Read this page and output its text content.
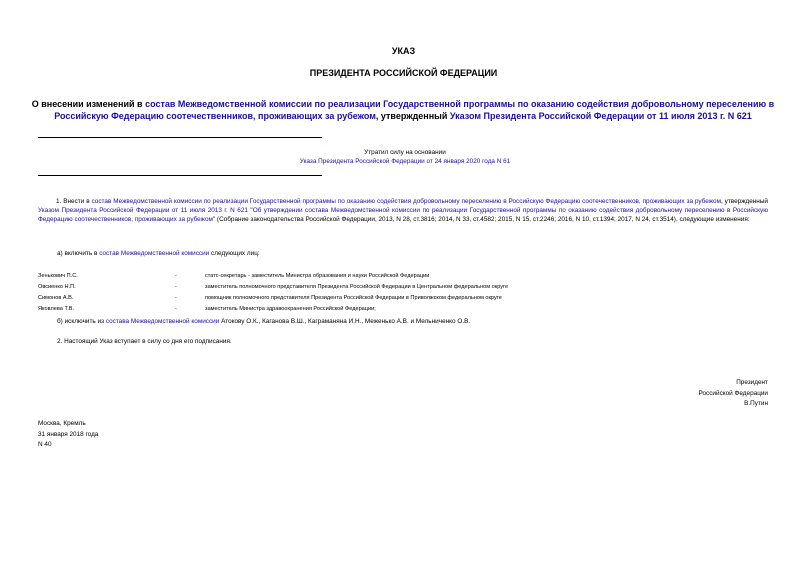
УКАЗ
ПРЕЗИДЕНТА РОССИЙСКОЙ ФЕДЕРАЦИИ
О внесении изменений в состав Межведомственной комиссии по реализации Государственной программы по оказанию содействия добровольному переселению в Российскую Федерацию соотечественников, проживающих за рубежом, утвержденный Указом Президента Российской Федерации от 11 июля 2013 г. N 621
Утратил силу на основании
Указа Президента Российской Федерации от 24 января 2020 года N 61
1. Внести в состав Межведомственной комиссии по реализации Государственной программы по оказанию содействия добровольному переселению в Российскую Федерацию соотечественников, проживающих за рубежом, утвержденный Указом Президента Российской Федерации от 11 июля 2013 г. N 621 "Об утверждении состава Межведомственной комиссии по реализации Государственной программы по оказанию содействия добровольному переселению в Российскую Федерацию соотечественников, проживающих за рубежом" (Собрание законодательства Российской Федерации, 2013, N 28, ст.3816; 2014, N 33, ст.4582; 2015, N 15, ст.2246; 2016, N 10, ст.1394; 2017, N 24, ст.3514), следующие изменения:
а) включить в состав Межведомственной комиссии следующих лиц:
Зенькович П.С.	-	статс-секретарь - заместитель Министра образования и науки Российской Федерации
Овсиенко Н.П.	-	заместитель полномочного представителя Президента Российской Федерации в Центральном федеральном округе
Симонов А.В.	-	помощник полномочного представителя Президента Российской Федерации в Приволжском федеральном округе
Яковлева Т.В.	-	заместитель Министра здравоохранения Российской Федерации;
б) исключить из состава Межведомственной комиссии Атокову О.К., Каганова В.Ш., Каграманяна И.Н., Меженько А.В. и Мельниченко О.В.
2. Настоящий Указ вступает в силу со дня его подписания.
Президент
Российской Федерации
В.Путин
Москва, Кремль
31 января 2018 года
N 40
